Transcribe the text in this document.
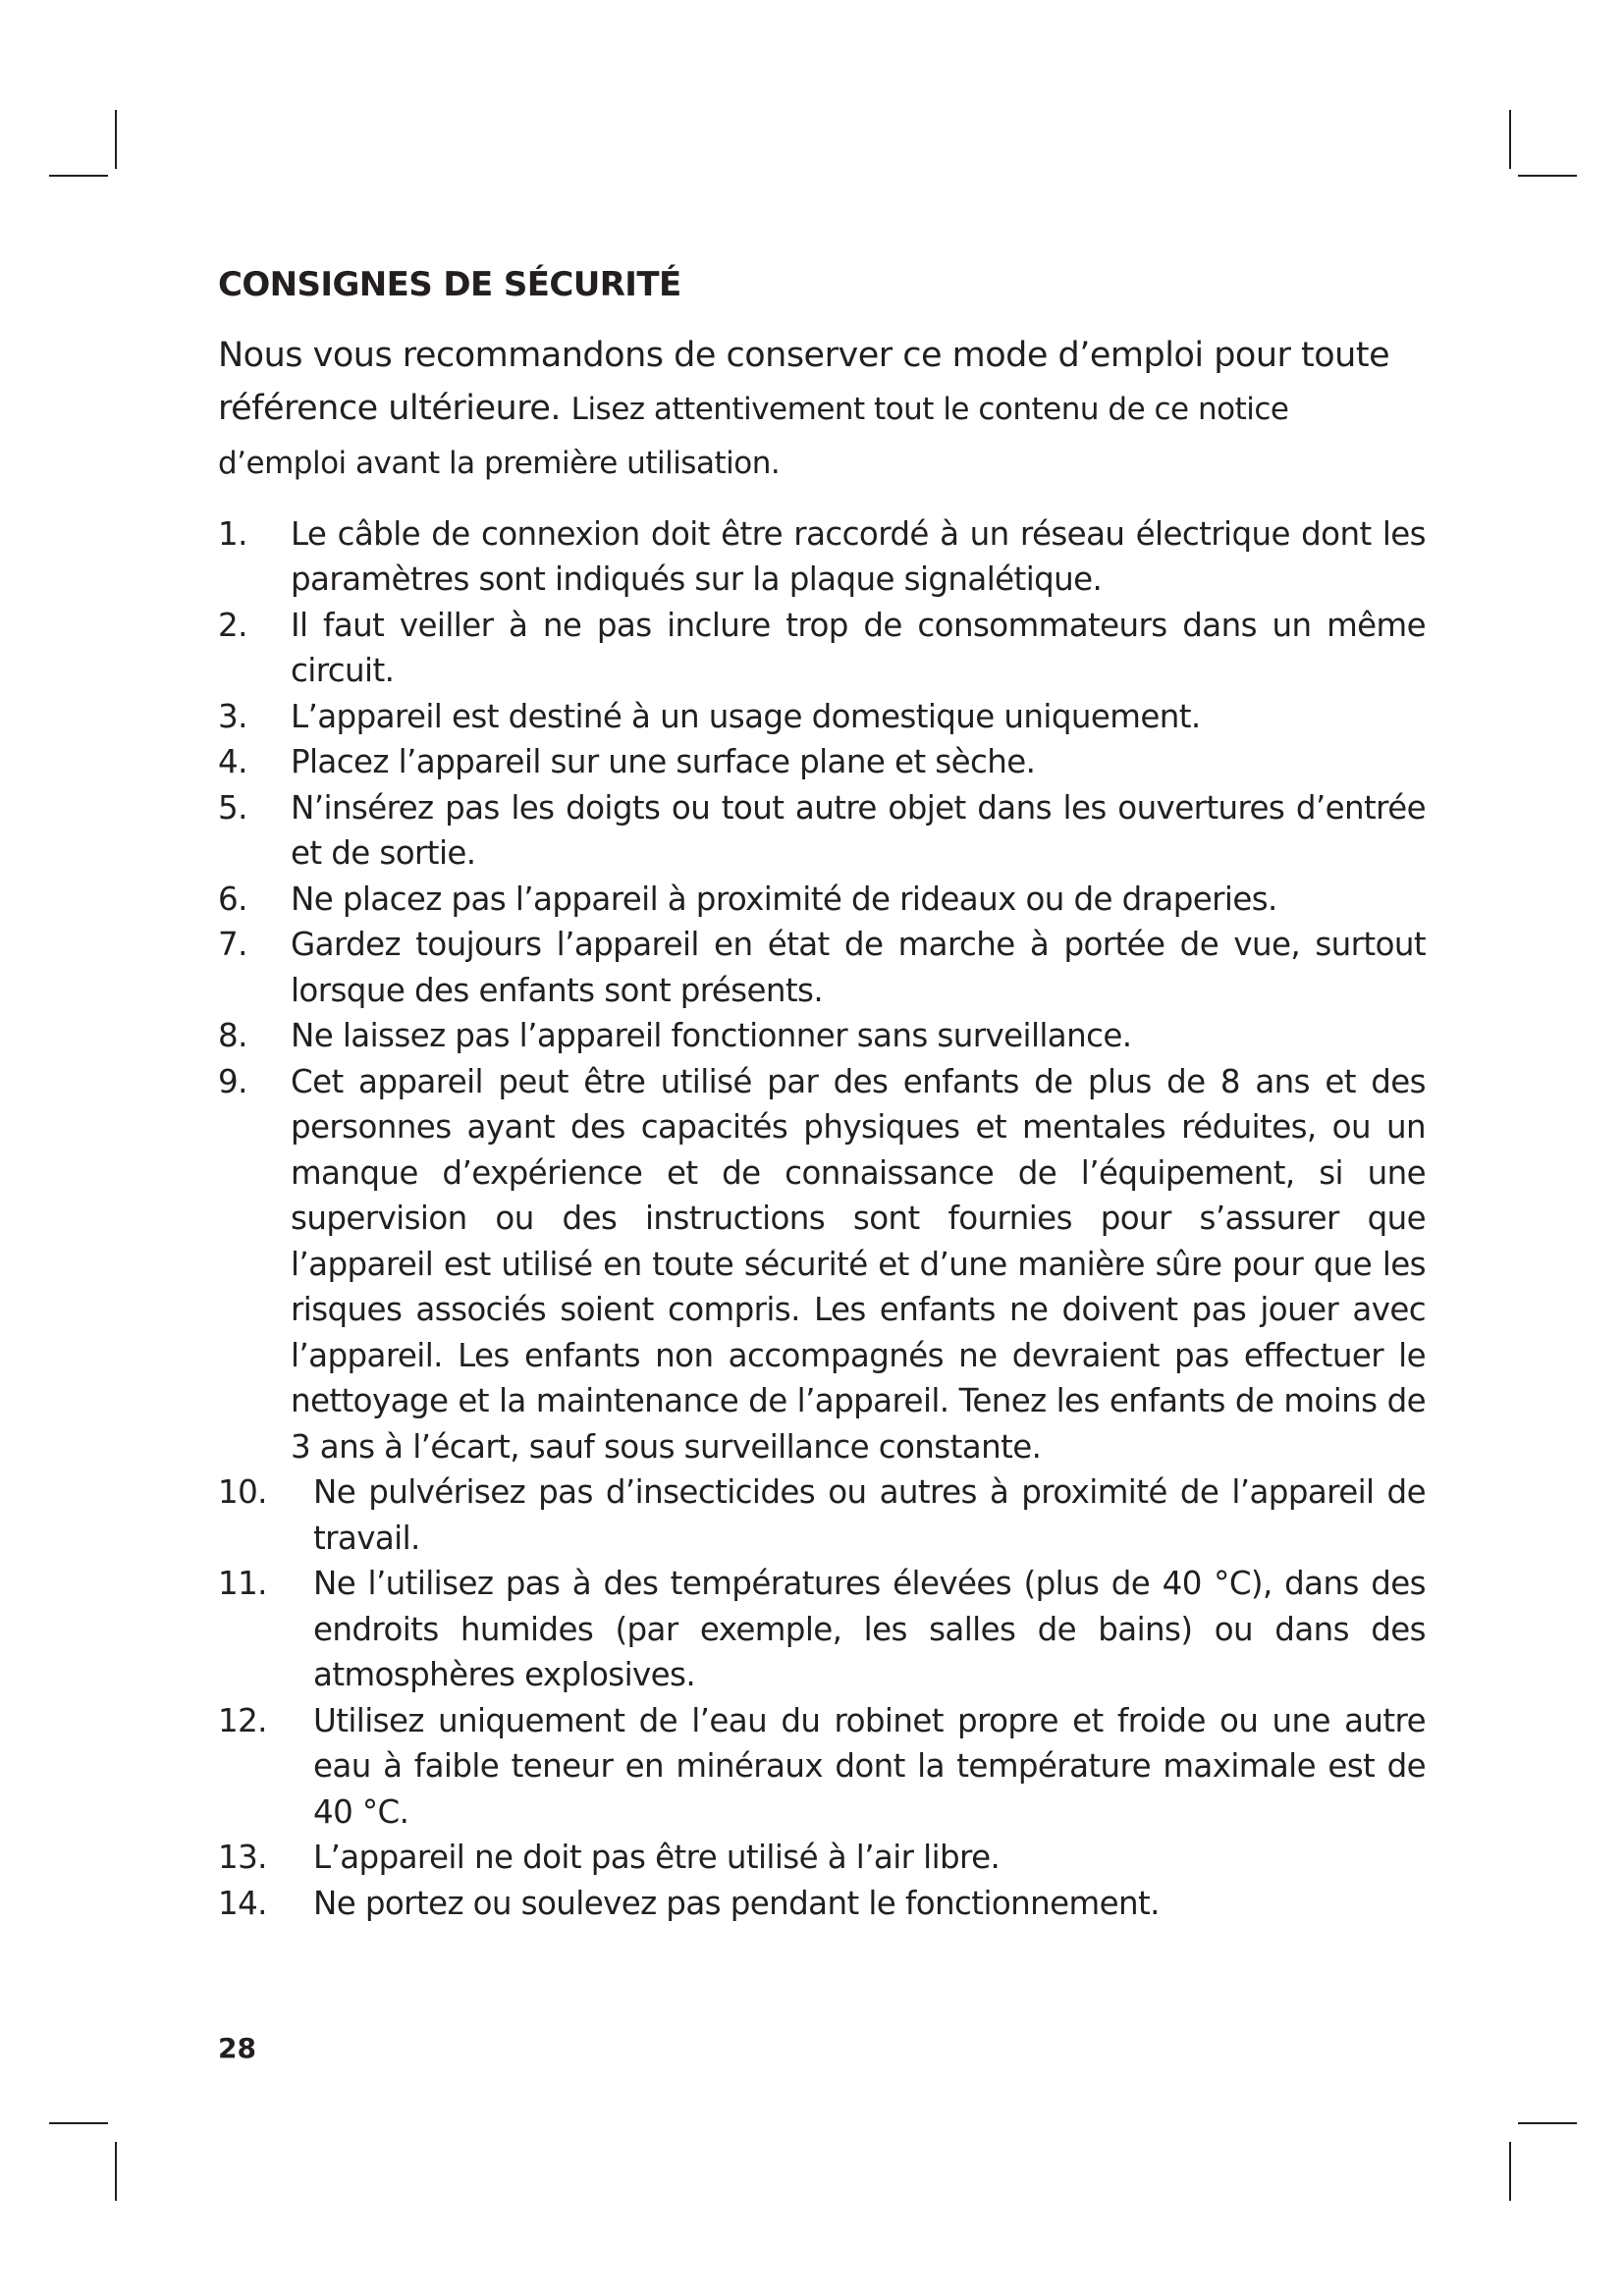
CONSIGNES DE SÉCURITÉ

Nous vous recommandons de conserver ce mode d’emploi pour toute référence ultérieure. Lisez attentivement tout le contenu de ce notice d’emploi avant la première utilisation.

1. Le câble de connexion doit être raccordé à un réseau électrique dont les paramètres sont indiqués sur la plaque signalétique.
2. Il faut veiller à ne pas inclure trop de consommateurs dans un même circuit.
3. L’appareil est destiné à un usage domestique uniquement.
4. Placez l’appareil sur une surface plane et sèche.
5. N’insérez pas les doigts ou tout autre objet dans les ouvertures d’entrée et de sortie.
6. Ne placez pas l’appareil à proximité de rideaux ou de draperies.
7. Gardez toujours l’appareil en état de marche à portée de vue, surtout lorsque des enfants sont présents.
8. Ne laissez pas l’appareil fonctionner sans surveillance.
9. Cet appareil peut être utilisé par des enfants de plus de 8 ans et des personnes ayant des capacités physiques et mentales réduites, ou un manque d’expérience et de connaissance de l’équipement, si une supervision ou des instructions sont fournies pour s’assurer que l’appareil est utilisé en toute sécurité et d’une manière sûre pour que les risques associés soient compris. Les enfants ne doivent pas jouer avec l’appareil. Les enfants non accompagnés ne devraient pas effectuer le nettoyage et la maintenance de l’appareil. Tenez les enfants de moins de 3 ans à l’écart, sauf sous surveillance constante.
10. Ne pulvérisez pas d’insecticides ou autres à proximité de l’appareil de travail.
11. Ne l’utilisez pas à des températures élevées (plus de 40 °C), dans des endroits humides (par exemple, les salles de bains) ou dans des atmosphères explosives.
12. Utilisez uniquement de l’eau du robinet propre et froide ou une autre eau à faible teneur en minéraux dont la température maximale est de 40 °C.
13. L’appareil ne doit pas être utilisé à l’air libre.
14. Ne portez ou soulevez pas pendant le fonctionnement.
28
